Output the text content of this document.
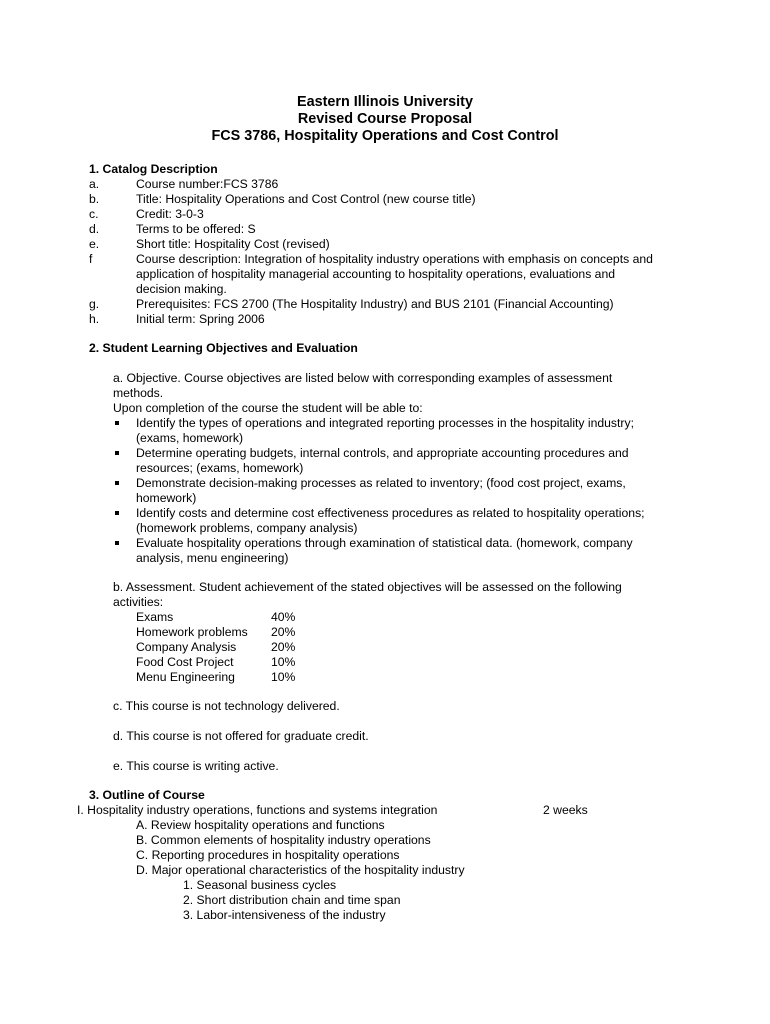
Eastern Illinois University
Revised Course Proposal
FCS 3786, Hospitality Operations and Cost Control
1. Catalog Description
a.	Course number:FCS 3786
b.	Title: Hospitality Operations and Cost Control (new course title)
c.	Credit: 3-0-3
d.	Terms to be offered: S
e.	Short title: Hospitality Cost (revised)
f	Course description: Integration of hospitality industry operations with emphasis on concepts and
application of hospitality managerial accounting to hospitality operations, evaluations and
decision making.
g.	Prerequisites: FCS 2700 (The Hospitality Industry) and BUS 2101 (Financial Accounting)
h.	Initial term: Spring 2006
2. Student Learning Objectives and Evaluation
a. Objective. Course objectives are listed below with corresponding examples of assessment
methods.
Upon completion of the course the student will be able to:
Identify the types of operations and integrated reporting processes in the hospitality industry;
(exams, homework)
Determine operating budgets, internal controls, and appropriate accounting procedures and
resources; (exams, homework)
Demonstrate decision-making processes as related to inventory; (food cost project, exams,
homework)
Identify costs and determine cost effectiveness procedures as related to hospitality operations;
(homework problems, company analysis)
Evaluate hospitality operations through examination of statistical data. (homework, company
analysis, menu engineering)
b. Assessment. Student achievement of the stated objectives will be assessed on the following
activities:
Exams	40%
Homework problems 20%
Company Analysis	20%
Food Cost Project	10%
Menu Engineering	10%
c. This course is not technology delivered.
d. This course is not offered for graduate credit.
e. This course is writing active.
3. Outline of Course
I. Hospitality industry operations, functions and systems integration	2 weeks
A. Review hospitality operations and functions
B. Common elements of hospitality industry operations
C. Reporting procedures in hospitality operations
D. Major operational characteristics of the hospitality industry
1. Seasonal business cycles
2. Short distribution chain and time span
3. Labor-intensiveness of the industry
